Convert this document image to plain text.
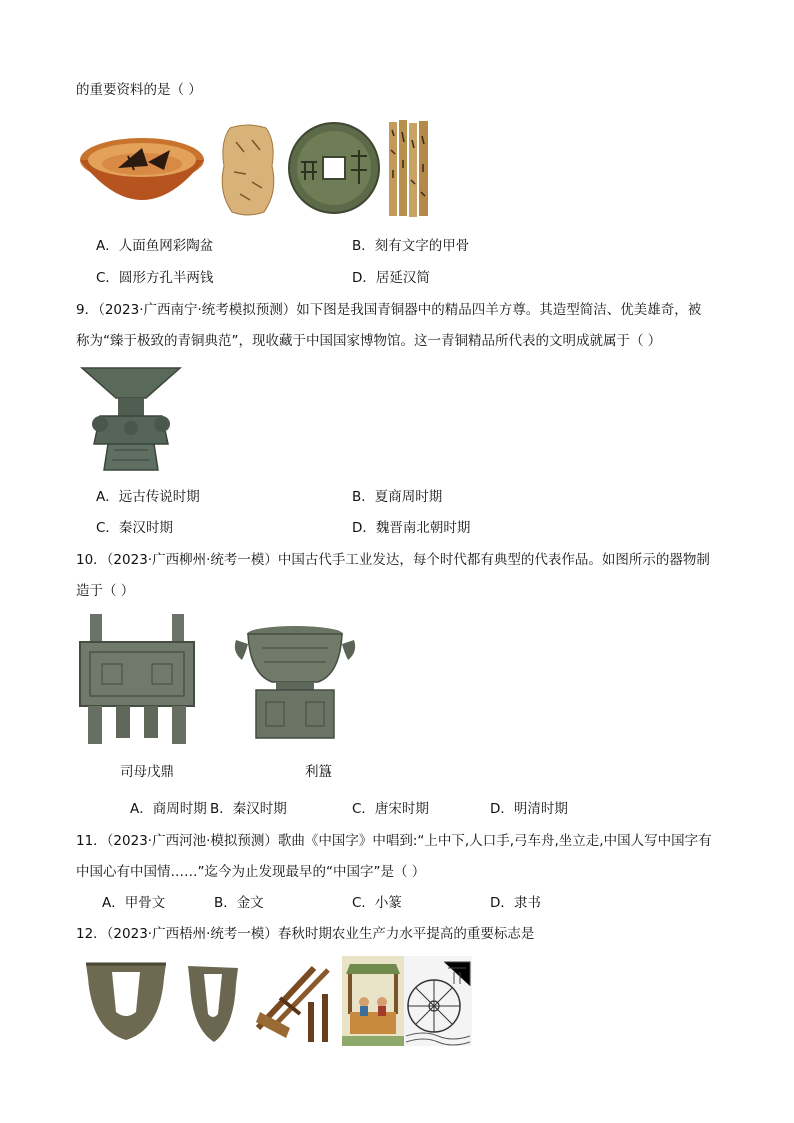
的重要资料的是（ ）
A．人面鱼网彩陶盆	B．刻有文字的甲骨
C．圆形方孔半两钱	D．居延汉简
9．（2023·广西南宁·统考模拟预测）如下图是我国青铜器中的精品四羊方尊。其造型简洁、优美雄奇，被
称为“臻于极致的青铜典范”，现收藏于中国国家博物馆。这一青铜精品所代表的文明成就属于（ ）
A．远古传说时期	B．夏商周时期
C．秦汉时期	D．魏晋南北朝时期
10．（2023·广西柳州·统考一模）中国古代手工业发达，每个时代都有典型的代表作品。如图所示的器物制
造于（ ）
司母戊鼎	利簋
A．商周时期 B．秦汉时期	C．唐宋时期	D．明清时期
11．（2023·广西河池·模拟预测）歌曲《中国字》中唱到:“上中下,人口手,弓车舟,坐立走,中国人写中国字有
中国心有中国情……”迄今为止发现最早的“中国字”是（ ）
A．甲骨文	B．金文	C．小篆	D．隶书
12．（2023·广西梧州·统考一模）春秋时期农业生产力水平提高的重要标志是
